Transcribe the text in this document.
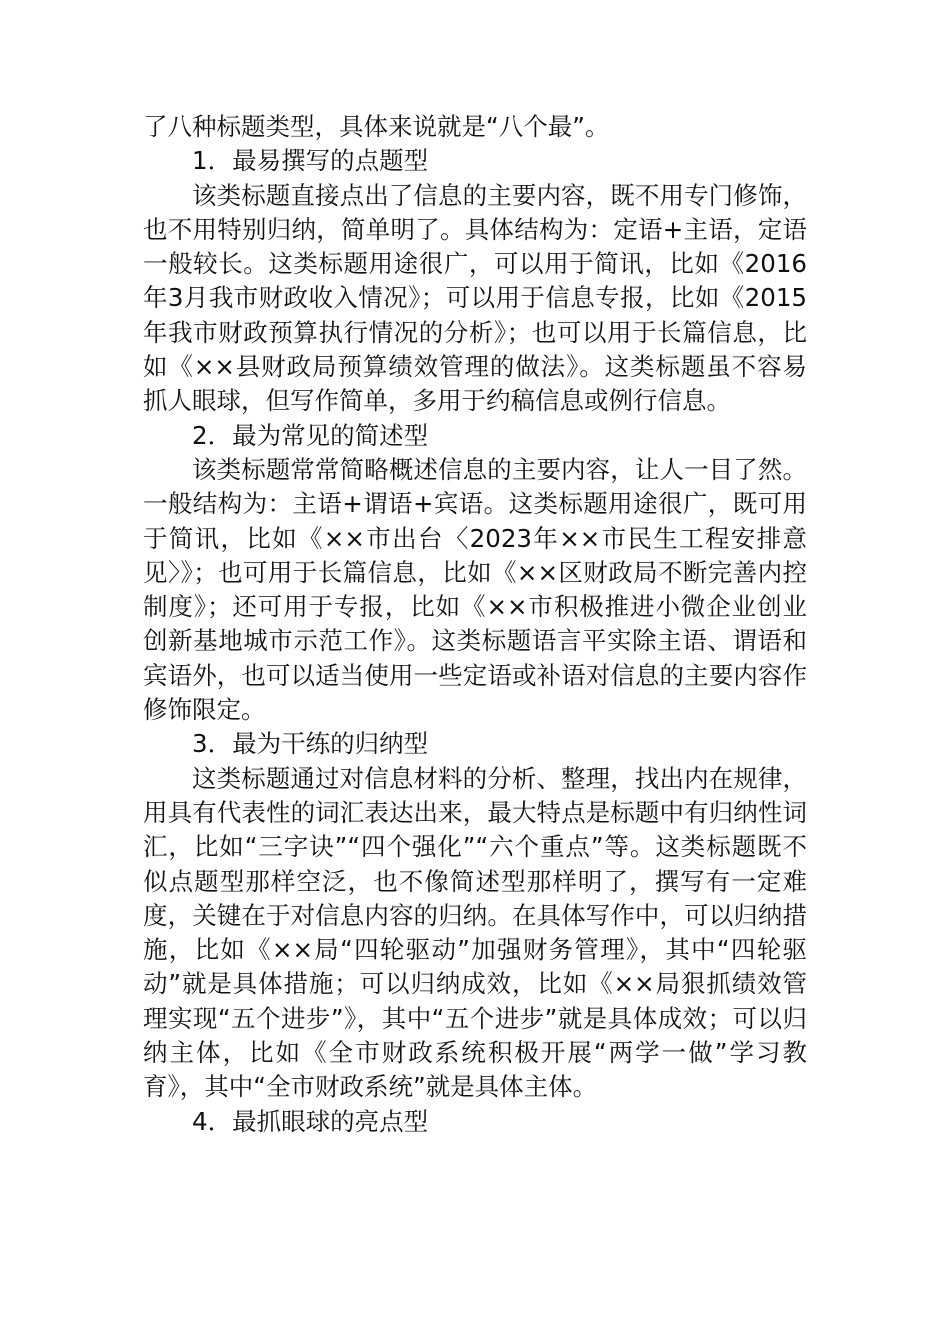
了八种标题类型，具体来说就是“八个最”。

1．最易撰写的点题型

该类标题直接点出了信息的主要内容，既不用专门修饰，也不用特别归纳，简单明了。具体结构为：定语+主语，定语一般较长。这类标题用途很广，可以用于简讯，比如《2016年3月我市财政收入情况》；可以用于信息专报，比如《2015年我市财政预算执行情况的分析》；也可以用于长篇信息，比如《××县财政局预算绩效管理的做法》。这类标题虽不容易抓人眼球，但写作简单，多用于约稿信息或例行信息。

2．最为常见的简述型

该类标题常常简略概述信息的主要内容，让人一目了然。一般结构为：主语+谓语+宾语。这类标题用途很广，既可用于简讯，比如《××市出台〈2023年××市民生工程安排意见〉》；也可用于长篇信息，比如《××区财政局不断完善内控制度》；还可用于专报，比如《××市积极推进小微企业创业创新基地城市示范工作》。这类标题语言平实除主语、谓语和宾语外，也可以适当使用一些定语或补语对信息的主要内容作修饰限定。

3．最为干练的归纳型

这类标题通过对信息材料的分析、整理，找出内在规律，用具有代表性的词汇表达出来，最大特点是标题中有归纳性词汇，比如“三字诀”“四个强化”“六个重点”等。这类标题既不似点题型那样空泛，也不像简述型那样明了，撰写有一定难度，关键在于对信息内容的归纳。在具体写作中，可以归纳措施，比如《××局“四轮驱动”加强财务管理》，其中“四轮驱动”就是具体措施；可以归纳成效，比如《××局狠抓绩效管理实现“五个进步”》，其中“五个进步”就是具体成效；可以归纳主体，比如《全市财政系统积极开展“两学一做”学习教育》，其中“全市财政系统”就是具体主体。

4．最抓眼球的亮点型
